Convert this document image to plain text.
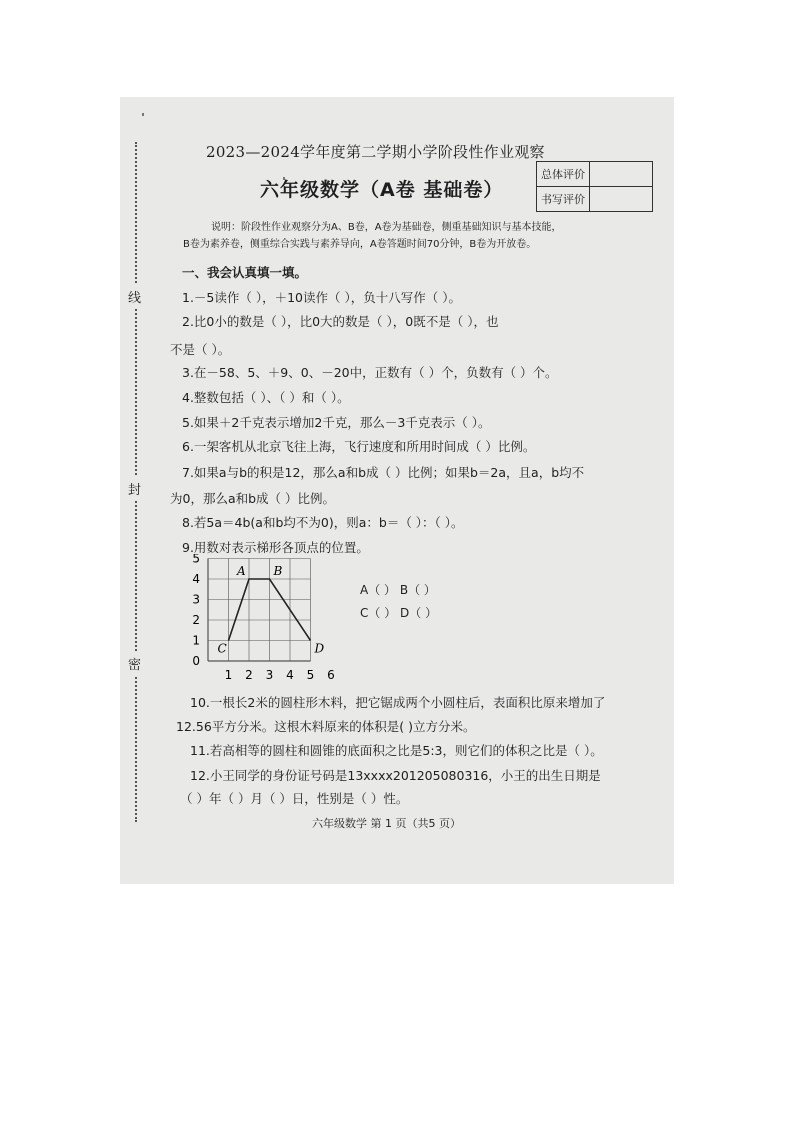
线
封
密
2023—2024学年度第二学期小学阶段性作业观察
六年级数学（A卷 基础卷）
总体评价	
书写评价	
说明：阶段性作业观察分为A、B卷，A卷为基础卷，侧重基础知识与基本技能，
B卷为素养卷，侧重综合实践与素养导向，A卷答题时间70分钟，B卷为开放卷。
一、我会认真填一填。
1.－5读作（ ），＋10读作（ ），负十八写作（ ）。
2.比0小的数是（ ），比0大的数是（ ），0既不是（ ），也
不是（ ）。
3.在－58、5、＋9、0、－20中，正数有（ ）个，负数有（ ）个。
4.整数包括（ ）、（ ）和（ ）。
5.如果＋2千克表示增加2千克，那么－3千克表示（ ）。
6.一架客机从北京飞往上海，飞行速度和所用时间成（ ）比例。
7.如果a与b的积是12，那么a和b成（ ）比例；如果b＝2a，且a，b均不
为0，那么a和b成（ ）比例。
8.若5a＝4b(a和b均不为0)，则a：b＝（ ）：（ ）。
9.用数对表示梯形各顶点的位置。
1 2 3 4 5 6
0
1
2
3
4
5
A B
C	D
A（ ） B（ ）
C（ ） D（ ）
10.一根长2米的圆柱形木料，把它锯成两个小圆柱后，表面积比原来增加了
12.56平方分米。这根木料原来的体积是( )立方分米。
11.若高相等的圆柱和圆锥的底面积之比是5:3，则它们的体积之比是（ ）。
12.小王同学的身份证号码是13xxxx201205080316，小王的出生日期是
（ ）年（ ）月（ ）日，性别是（ ）性。
六年级数学 第 1 页（共5 页）
